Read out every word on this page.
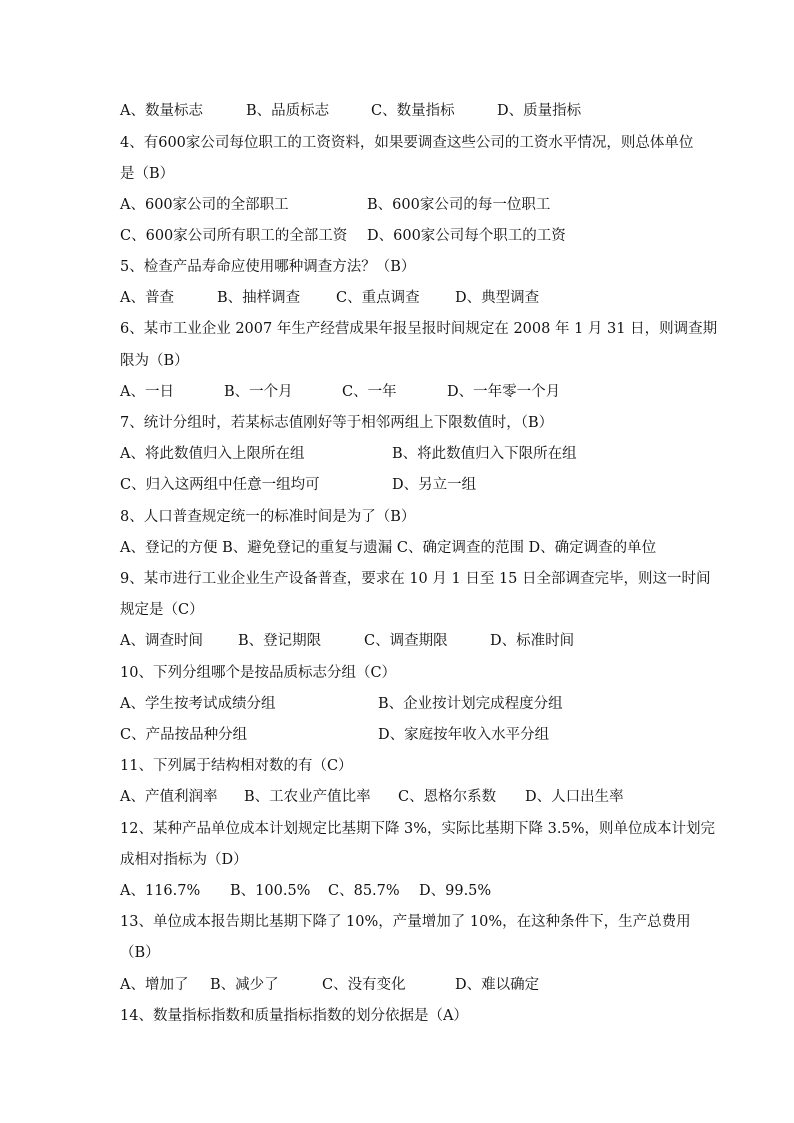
A、数量标志	B、品质标志	C、数量指标	D、质量指标
4、有600家公司每位职工的工资资料，如果要调查这些公司的工资水平情况，则总体单位
是（B）
A、600家公司的全部职工	B、600家公司的每一位职工
C、600家公司所有职工的全部工资 D、600家公司每个职工的工资
5、检查产品寿命应使用哪种调查方法？（B）
A、普查	B、抽样调查 C、重点调查 D、典型调查
6、某市工业企业 2007 年生产经营成果年报呈报时间规定在 2008 年 1 月 31 日，则调查期
限为（B）
A、一日	B、一个月	C、一年	D、一年零一个月
7、统计分组时，若某标志值刚好等于相邻两组上下限数值时，（B）
A、将此数值归入上限所在组	B、将此数值归入下限所在组
C、归入这两组中任意一组均可	D、另立一组
8、人口普查规定统一的标准时间是为了（B）
A、登记的方便 B、避免登记的重复与遗漏 C、确定调查的范围 D、确定调查的单位
9、某市进行工业企业生产设备普查，要求在 10 月 1 日至 15 日全部调查完毕，则这一时间
规定是（C）
A、调查时间 B、登记期限	C、调查期限	D、标准时间
10、下列分组哪个是按品质标志分组（C）
A、学生按考试成绩分组	B、企业按计划完成程度分组
C、产品按品种分组	D、家庭按年收入水平分组
11、下列属于结构相对数的有（C）
A、产值利润率 B、工农业产值比率 C、恩格尔系数 D、人口出生率
12、某种产品单位成本计划规定比基期下降 3%，实际比基期下降 3.5%，则单位成本计划完
成相对指标为（D）
A、116.7% B、100.5% C、85.7% D、99.5%
13、单位成本报告期比基期下降了 10%，产量增加了 10%，在这种条件下，生产总费用
（B）
A、增加了 B、减少了	C、没有变化	D、难以确定
14、数量指标指数和质量指标指数的划分依据是（A）
